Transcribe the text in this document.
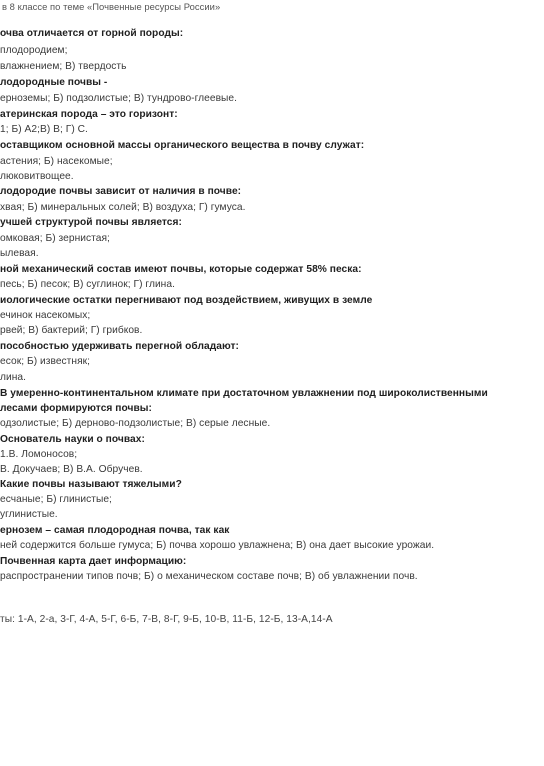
в 8 классе по теме «Почвенные ресурсы России»
очва отличается от горной породы:
плодородием;
влажнением; В) твердость
лодородные почвы -
ерноземы; Б) подзолистые; В) тундрово-глеевые.
атеринская порода – это горизонт:
1; Б) А2;В) В; Г) С.
оставщиком основной массы органического вещества в почву служат:
астения; Б) насекомые;
люковитвощее.
лодородие почвы зависит от наличия в почве:
хвая; Б) минеральных солей; В) воздуха; Г) гумуса.
учшей структурой почвы является:
омковая; Б) зернистая;
ылевая.
ной механический состав имеют почвы, которые содержат 58% песка:
песь; Б) песок; В) суглинок; Г) глина.
иологические остатки перегнивают под воздействием, живущих в земле
ечинок насекомых;
рвей; В) бактерий; Г) грибков.
пособностью удерживать перегной обладают:
есок; Б) известняк;
лина.
В умеренно-континентальном климате при достаточном увлажнении под широколиственными
лесами формируются почвы:
одзолистые; Б) дерново-подзолистые; В) серые лесные.
Основатель науки о почвах:
1.В. Ломоносов;
В. Докучаев; В) В.А. Обручев.
Какие почвы называют тяжелыми?
есчаные; Б) глинистые;
углинистые.
ернозем – самая плодородная почва, так как
ней содержится больше гумуса; Б) почва хорошо увлажнена; В) она дает высокие урожаи.
Почвенная карта дает информацию:
распространении типов почв; Б) о механическом составе почв; В) об увлажнении почв.
ты: 1-А, 2-а, 3-Г, 4-А, 5-Г, 6-Б, 7-В, 8-Г, 9-Б, 10-В, 11-Б, 12-Б, 13-А,14-А
